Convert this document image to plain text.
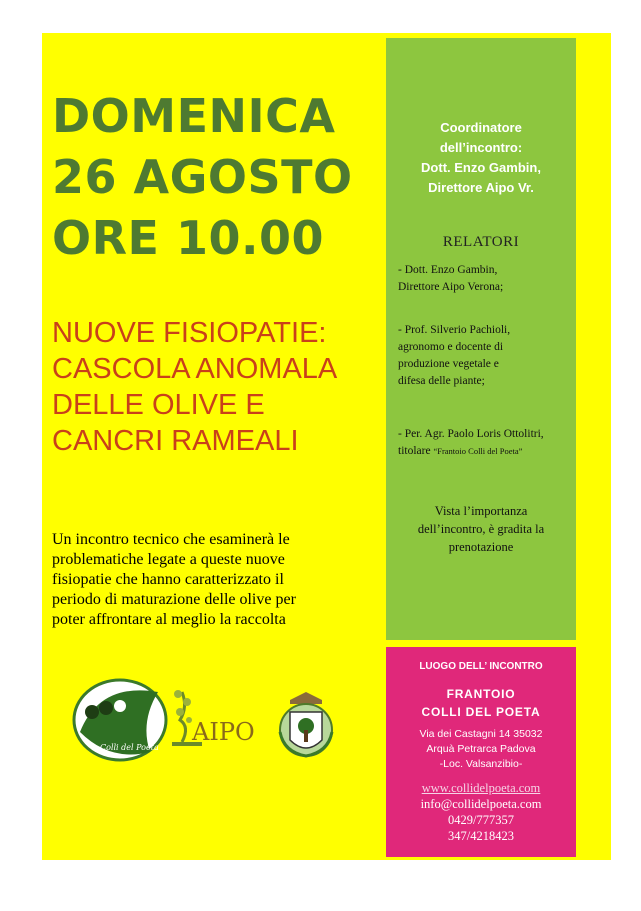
DOMENICA
26 AGOSTO
ORE 10.00
NUOVE FISIOPATIE:
CASCOLA ANOMALA
DELLE OLIVE E
CANCRI RAMEALI
Un incontro tecnico che esaminerà le
problematiche legate a queste nuove
fisiopatie che hanno caratterizzato il
periodo di maturazione delle olive per
poter affrontare al meglio la raccolta
Colli del Poeta
AIPO
Coordinatore
dell’incontro:
Dott. Enzo Gambin,
Direttore Aipo Vr.
RELATORI
- Dott. Enzo Gambin,
Direttore Aipo Verona;
- Prof. Silverio Pachioli,
agronomo e docente di
produzione vegetale e
difesa delle piante;
- Per. Agr. Paolo Loris Ottolitri,
titolare “Frantoio Colli del Poeta”
Vista l’importanza
dell’incontro, è gradita la
prenotazione
LUOGO DELL’ INCONTRO
FRANTOIO
COLLI DEL POETA
Via dei Castagni 14 35032
Arquà Petrarca Padova
-Loc. Valsanzibio-
www.collidelpoeta.com
info@collidelpoeta.com
0429/777357
347/4218423
